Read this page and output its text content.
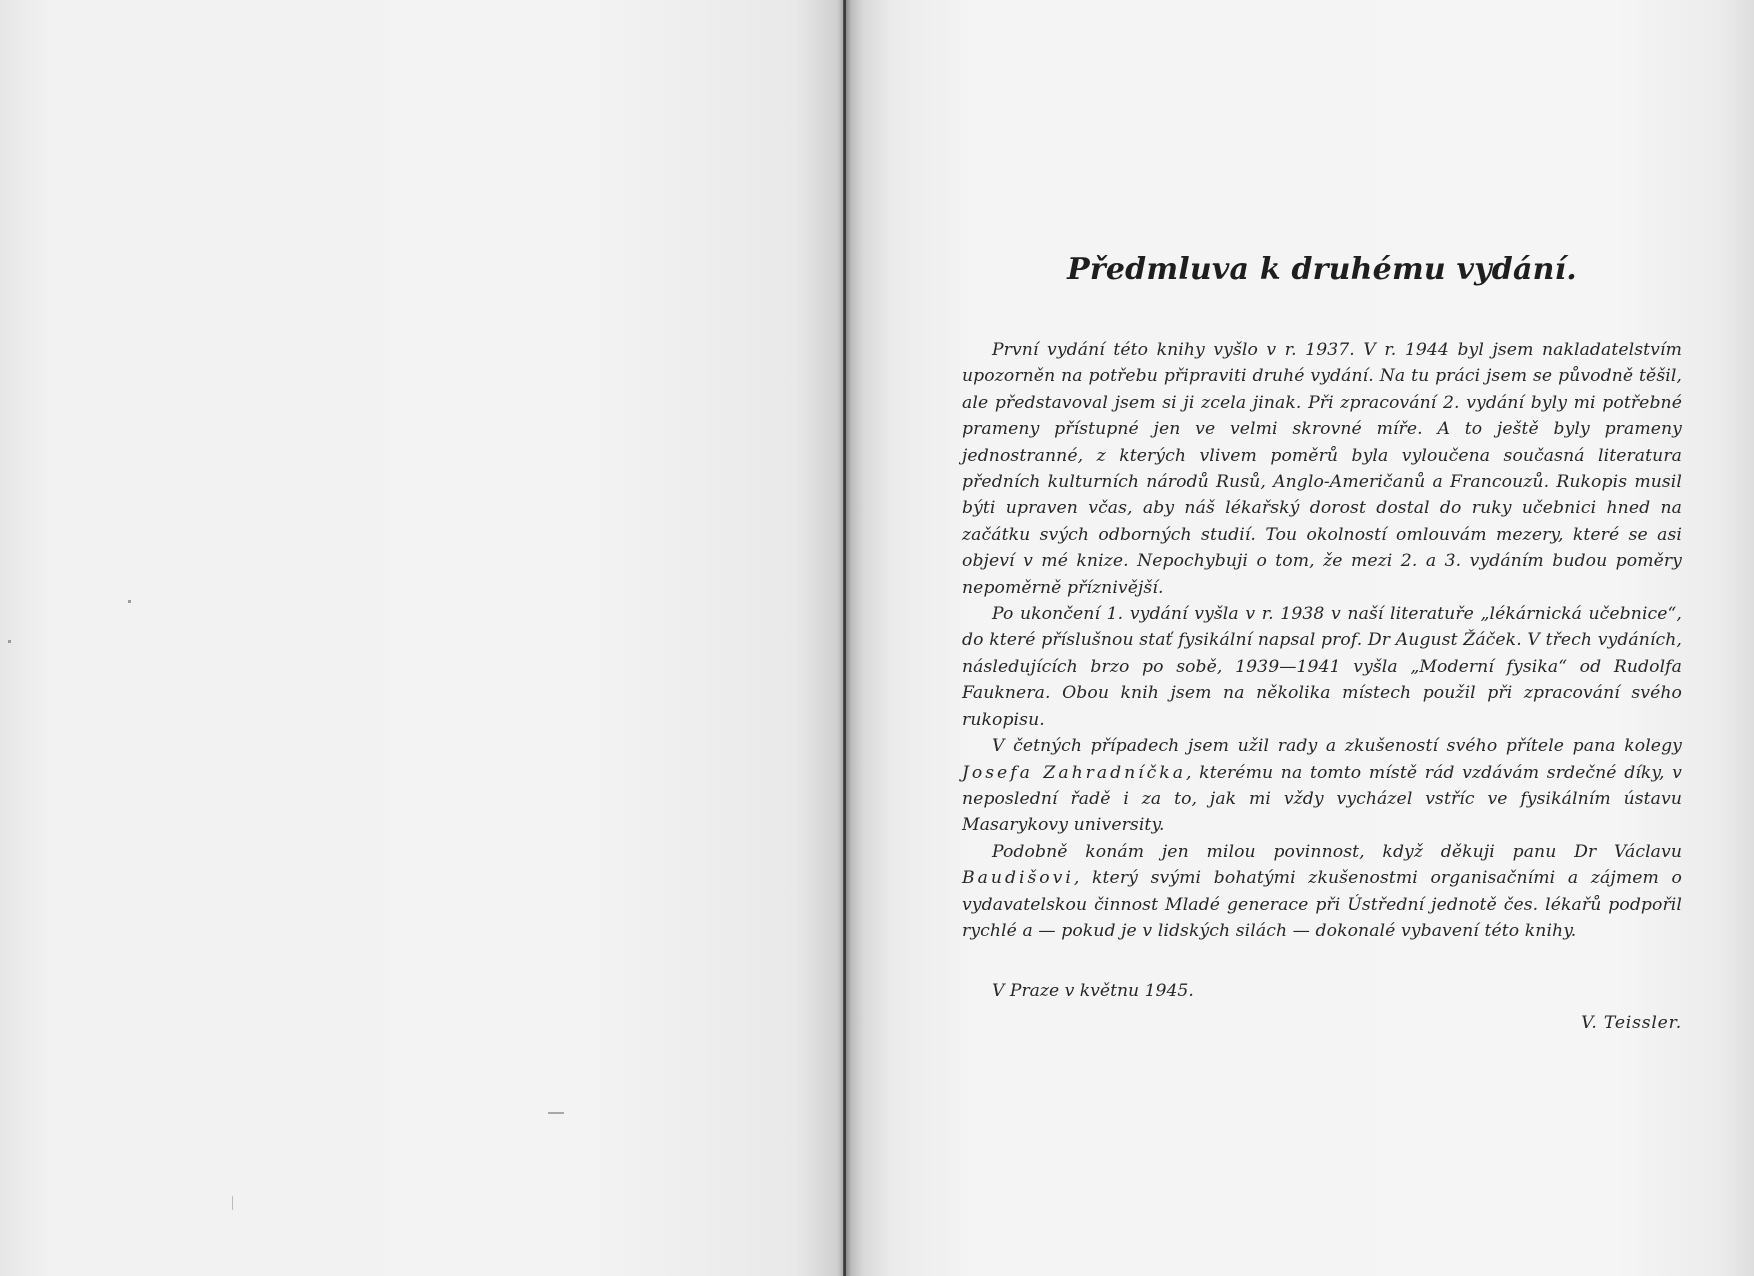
Předmluva k druhému vydání.

První vydání této knihy vyšlo v r. 1937. V r. 1944 byl jsem nakladatelstvím upozorněn na potřebu připraviti druhé vydání. Na tu práci jsem se původně těšil, ale představoval jsem si ji zcela jinak. Při zpracování 2. vydání byly mi potřebné prameny přístupné jen ve velmi skrovné míře. A to ještě byly prameny jednostranné, z kterých vlivem poměrů byla vyloučena současná literatura předních kulturních národů Rusů, Anglo-Američanů a Francouzů. Rukopis musil býti upraven včas, aby náš lékařský dorost dostal do ruky učebnici hned na začátku svých odborných studií. Tou okolností omlouvám mezery, které se asi objeví v mé knize. Nepochybuji o tom, že mezi 2. a 3. vydáním budou poměry nepoměrně příznivější.

Po ukončení 1. vydání vyšla v r. 1938 v naší literatuře „lékárnická učebnice“, do které příslušnou stať fysikální napsal prof. Dr August Žáček. V třech vydáních, následujících brzo po sobě, 1939—1941 vyšla „Moderní fysika“ od Rudolfa Fauknera. Obou knih jsem na několika místech použil při zpracování svého rukopisu.

V četných případech jsem užil rady a zkušeností svého přítele pana kolegy Josefa Zahradníčka, kterému na tomto místě rád vzdávám srdečné díky, v neposlední řadě i za to, jak mi vždy vycházel vstříc ve fysikálním ústavu Masarykovy university.

Podobně konám jen milou povinnost, když děkuji panu Dr Václavu Baudišovi, který svými bohatými zkušenostmi organisačními a zájmem o vydavatelskou činnost Mladé generace při Ústřední jednotě čes. lékařů podpořil rychlé a — pokud je v lidských silách — dokonalé vybavení této knihy.

V Praze v květnu 1945.

V. Teissler.
